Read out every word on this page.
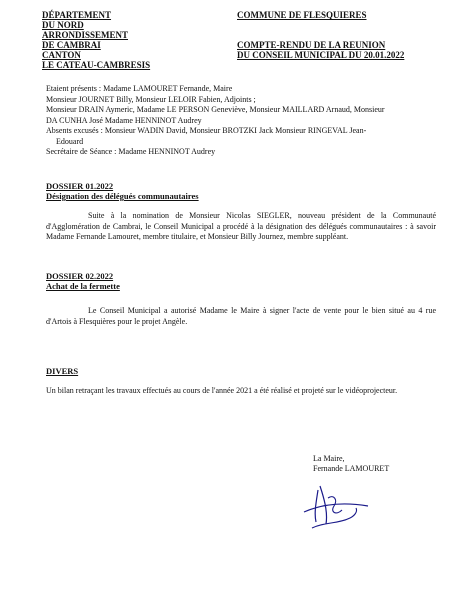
DÉPARTEMENT
DU NORD
ARRONDISSEMENT
DE CAMBRAI
CANTON
LE CATEAU-CAMBRESIS
COMMUNE DE FLESQUIERES
COMPTE-RENDU DE LA REUNION
DU CONSEIL MUNICIPAL DU 20.01.2022

Etaient présents : Madame LAMOURET Fernande, Maire

Monsieur JOURNET Billy, Monsieur LELOIR Fabien, Adjoints ;

Monsieur DRAIN Aymeric, Madame LE PERSON Geneviève, Monsieur MAILLARD Arnaud, Monsieur

DA CUNHA José Madame HENNINOT Audrey

Absents excusés : Monsieur WADIN David, Monsieur BROTZKI Jack Monsieur RINGEVAL Jean-

Edouard

Secrétaire de Séance : Madame HENNINOT Audrey

DOSSIER 01.2022
Désignation des délégués communautaires
Suite à la nomination de Monsieur Nicolas SIEGLER, nouveau président de la Communauté d'Agglomération de Cambrai, le Conseil Municipal a procédé à la désignation des délégués communautaires : à savoir Madame Fernande Lamouret, membre titulaire, et Monsieur Billy Journez, membre suppléant.
DOSSIER 02.2022
Achat de la fermette
Le Conseil Municipal a autorisé Madame le Maire à signer l'acte de vente pour le bien situé au 4 rue d'Artois à Flesquières pour le projet Angèle.
DIVERS
Un bilan retraçant les travaux effectués au cours de l'année 2021 a été réalisé et projeté sur le vidéoprojecteur.
La Maire,
Fernande LAMOURET
